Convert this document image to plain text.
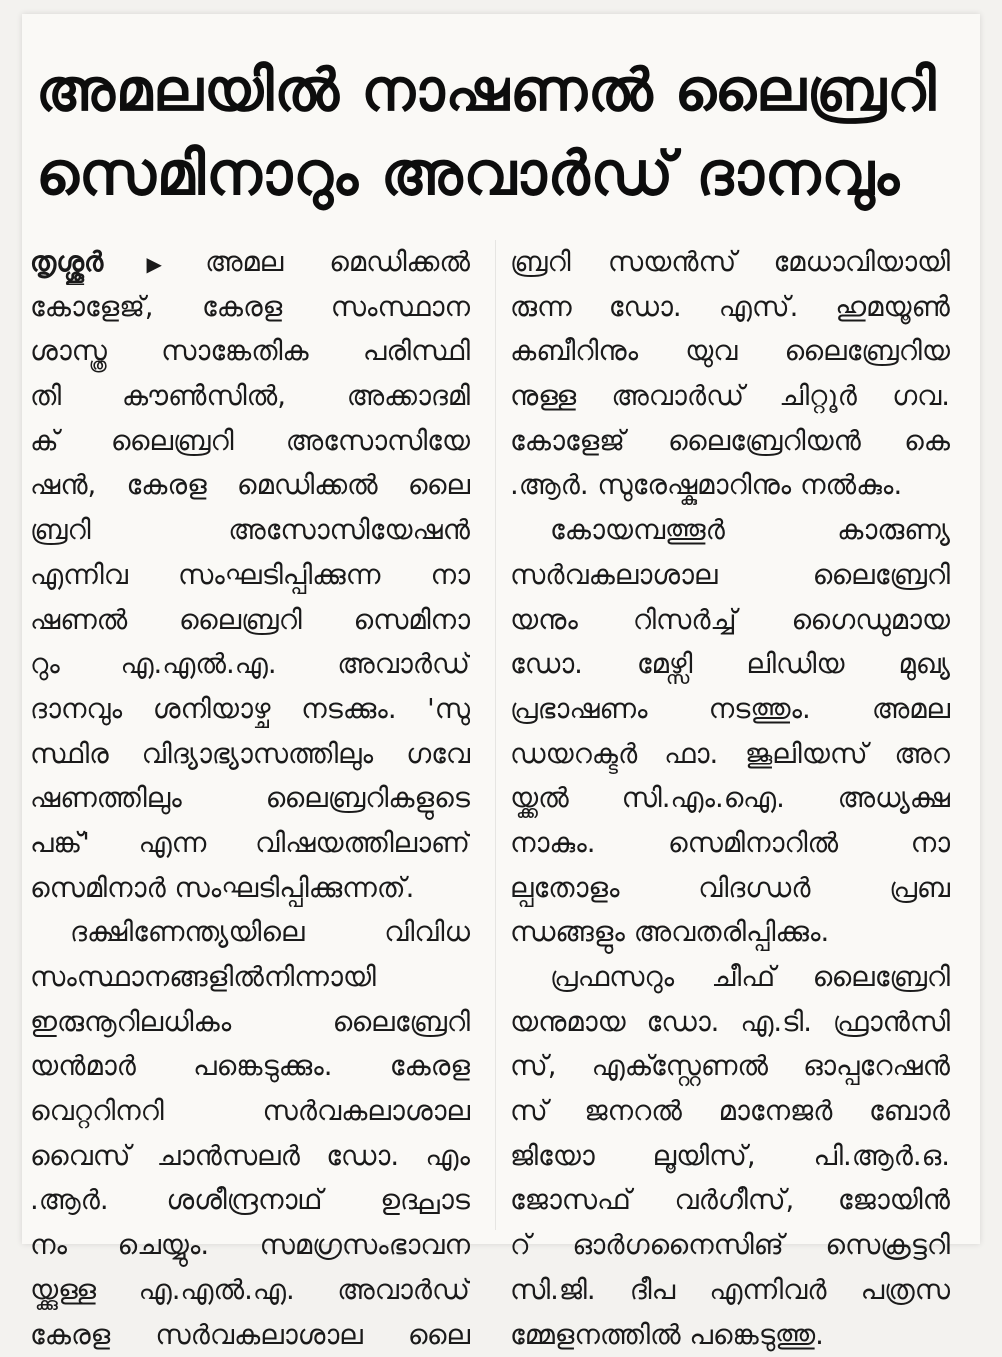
അമലയിൽ നാഷണൽ ലൈബ്രറി
സെമിനാറും അവാർഡ് ദാനവും
തൃശ്ശൂർ ▶ അമല മെഡിക്കൽ
കോളേജ്, കേരള സംസ്ഥാന
ശാസ്ത്ര സാങ്കേതിക പരിസ്ഥി
തി കൗൺസിൽ, അക്കാദമി
ക് ലൈബ്രറി അസോസിയേ
ഷൻ, കേരള മെഡിക്കൽ ലൈ
ബ്രറി അസോസിയേഷൻ
എന്നിവ സംഘടിപ്പിക്കുന്ന നാ
ഷണൽ ലൈബ്രറി സെമിനാ
റും എ.എൽ.എ. അവാർഡ്
ദാനവും ശനിയാഴ്ച നടക്കും. 'സു
സ്ഥിര വിദ്യാഭ്യാസത്തിലും ഗവേ
ഷണത്തിലും ലൈബ്രറികളുടെ
പങ്ക്' എന്ന വിഷയത്തിലാണ്
സെമിനാർ സംഘടിപ്പിക്കുന്നത്.
ദക്ഷിണേന്ത്യയിലെ വിവിധ
സംസ്ഥാനങ്ങളിൽനിന്നായി
ഇരുനൂറിലധികം ലൈബ്രേറി
യൻമാർ പങ്കെടുക്കും. കേരള
വെറ്ററിനറി സർവകലാശാല
വൈസ് ചാൻസലർ ഡോ. എം
.ആർ. ശശീന്ദ്രനാഥ് ഉദ്ഘാട
നം ചെയ്യും. സമഗ്രസംഭാവന
യ്ക്കുള്ള എ.എൽ.എ. അവാർഡ്
കേരള സർവകലാശാല ലൈ
ബ്രറി സയൻസ് മേധാവിയായി
രുന്ന ഡോ. എസ്. ഹുമയൂൺ
കബീറിനും യുവ ലൈബ്രേറിയ
നുള്ള അവാർഡ് ചിറ്റൂർ ഗവ.
കോളേജ് ലൈബ്രേറിയൻ കെ
.ആർ. സുരേഷ്കുമാറിനും നൽകും.
കോയമ്പത്തൂർ കാരുണ്യ
സർവകലാശാല ലൈബ്രേറി
യനും റിസർച്ച് ഗൈഡുമായ
ഡോ. മേഴ്സി ലിഡിയ മുഖ്യ
പ്രഭാഷണം നടത്തും. അമല
ഡയറക്ടർ ഫാ. ജൂലിയസ് അറ
യ്ക്കൽ സി.എം.ഐ. അധ്യക്ഷ
നാകും. സെമിനാറിൽ നാ
ല്പതോളം വിദഗ്ധർ പ്രബ
ന്ധങ്ങളും അവതരിപ്പിക്കും.
പ്രഫസറും ചീഫ് ലൈബ്രേറി
യനുമായ ഡോ. എ.ടി. ഫ്രാൻസി
സ്, എക്സ്റ്റേണൽ ഓപ്പറേഷൻ
സ് ജനറൽ മാനേജർ ബോർ
ജിയോ ലൂയിസ്, പി.ആർ.ഒ.
ജോസഫ് വർഗീസ്, ജോയിൻ
റ് ഓർഗനൈസിങ് സെക്രട്ടറി
സി.ജി. ദീപ എന്നിവർ പത്രസ
മ്മേളനത്തിൽ പങ്കെടുത്തു.
